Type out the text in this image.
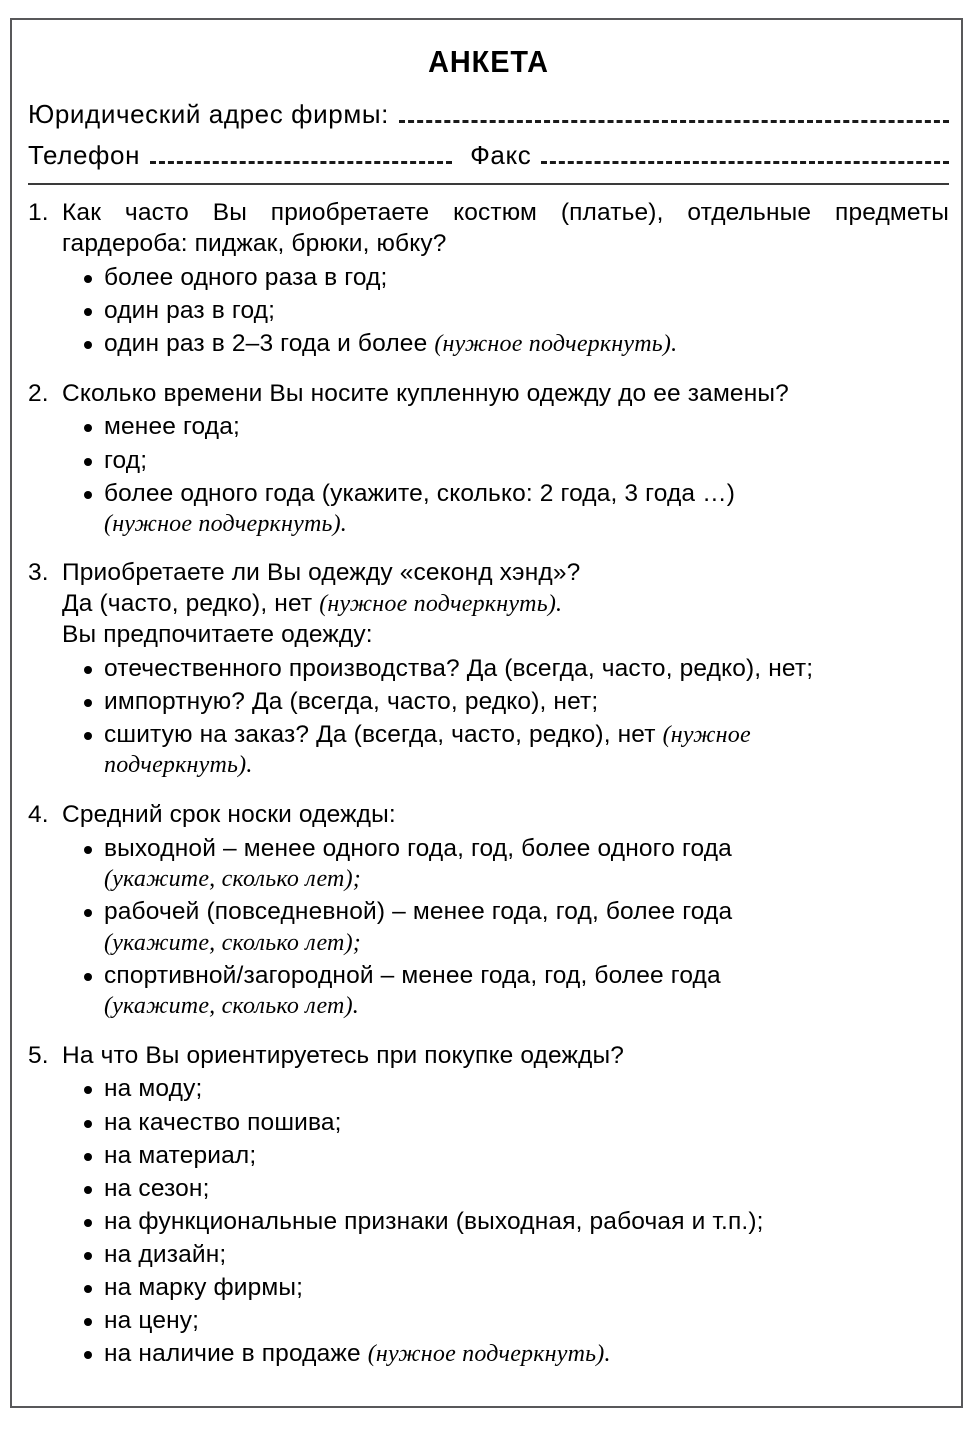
АНКЕТА
Юридический адрес фирмы:
Телефон	Факс
1. Как часто Вы приобретаете костюм (платье), отдельные предметы гардероба: пиджак, брюки, юбку?
более одного раза в год;
один раз в год;
один раз в 2–3 года и более (нужное подчеркнуть).
2. Сколько времени Вы носите купленную одежду до ее замены?
менее года;
год;
более одного года (укажите, сколько: 2 года, 3 года …)
(нужное подчеркнуть).
3. Приобретаете ли Вы одежду «секонд хэнд»?
Да (часто, редко), нет (нужное подчеркнуть).
Вы предпочитаете одежду:
отечественного производства? Да (всегда, часто, редко), нет;
импортную? Да (всегда, часто, редко), нет;
сшитую на заказ? Да (всегда, часто, редко), нет (нужное
подчеркнуть).
4. Средний срок носки одежды:
выходной – менее одного года, год, более одного года
(укажите, сколько лет);
рабочей (повседневной) – менее года, год, более года
(укажите, сколько лет);
спортивной/загородной – менее года, год, более года
(укажите, сколько лет).
5. На что Вы ориентируетесь при покупке одежды?
на моду;
на качество пошива;
на материал;
на сезон;
на функциональные признаки (выходная, рабочая и т.п.);
на дизайн;
на марку фирмы;
на цену;
на наличие в продаже (нужное подчеркнуть).
